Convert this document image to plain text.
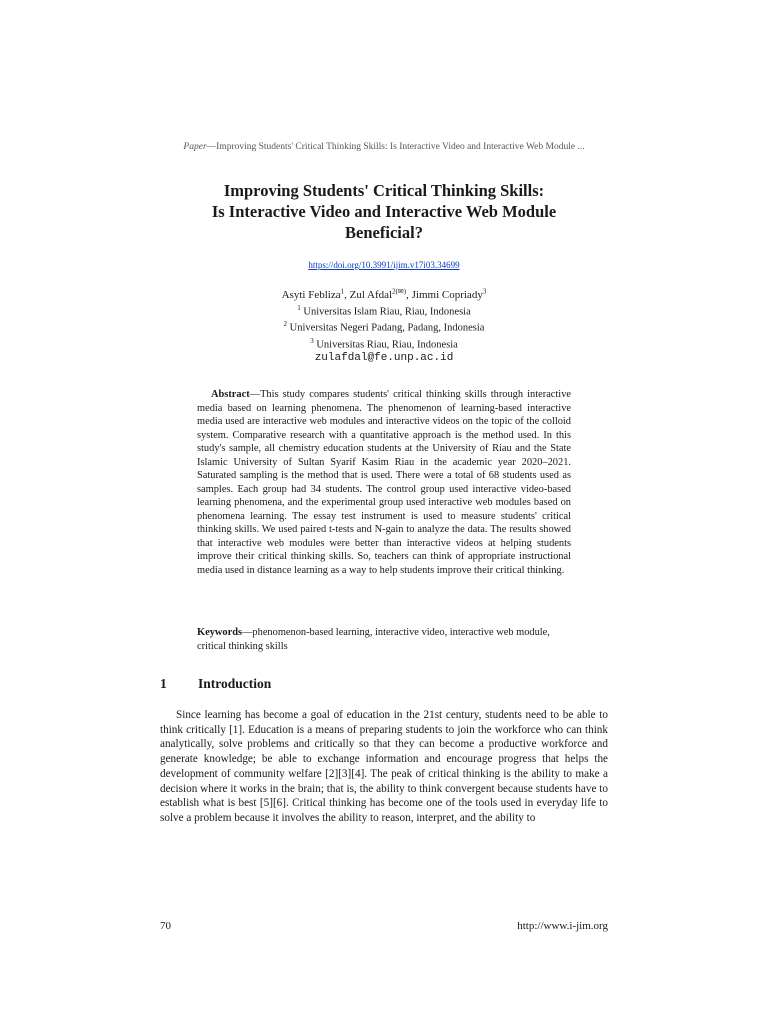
Paper—Improving Students' Critical Thinking Skills: Is Interactive Video and Interactive Web Module ...
Improving Students' Critical Thinking Skills:
Is Interactive Video and Interactive Web Module
Beneficial?
https://doi.org/10.3991/ijim.v17i03.34699
Asyti Febliza$^1$, Zul Afdal$^{2(✉)}$, Jimmi Copriady$^3$
$^1$ Universitas Islam Riau, Riau, Indonesia
$^2$ Universitas Negeri Padang, Padang, Indonesia
$^3$ Universitas Riau, Riau, Indonesia
zulafdal@fe.unp.ac.id

Abstract—This study compares students' critical thinking skills through interactive media based on learning phenomena. The phenomenon of learning-based interactive media used are interactive web modules and interactive videos on the topic of the colloid system. Comparative research with a quantitative approach is the method used. In this study's sample, all chemistry education students at the University of Riau and the State Islamic University of Sultan Syarif Kasim Riau in the academic year 2020–2021. Saturated sampling is the method that is used. There were a total of 68 students used as samples. Each group had 34 students. The control group used interactive video-based learning phenomena, and the experimental group used interactive web modules based on phenomena learning. The essay test instrument is used to measure students' critical thinking skills. We used paired t-tests and N-gain to analyze the data. The results showed that interactive web modules were better than interactive videos at helping students improve their critical thinking skills. So, teachers can think of appropriate instructional media used in distance learning as a way to help students improve their critical thinking.

Keywords—phenomenon-based learning, interactive video, interactive web module, critical thinking skills

1 Introduction

Since learning has become a goal of education in the 21st century, students need to be able to think critically [1]. Education is a means of preparing students to join the workforce who can think analytically, solve problems and critically so that they can become a productive workforce and generate knowledge; be able to exchange information and encourage progress that helps the development of community welfare [2][3][4]. The peak of critical thinking is the ability to make a decision where it works in the brain; that is, the ability to think convergent because students have to establish what is best [5][6]. Critical thinking has become one of the tools used in everyday life to solve a problem because it involves the ability to reason, interpret, and the ability to

70	http://www.i-jim.org
